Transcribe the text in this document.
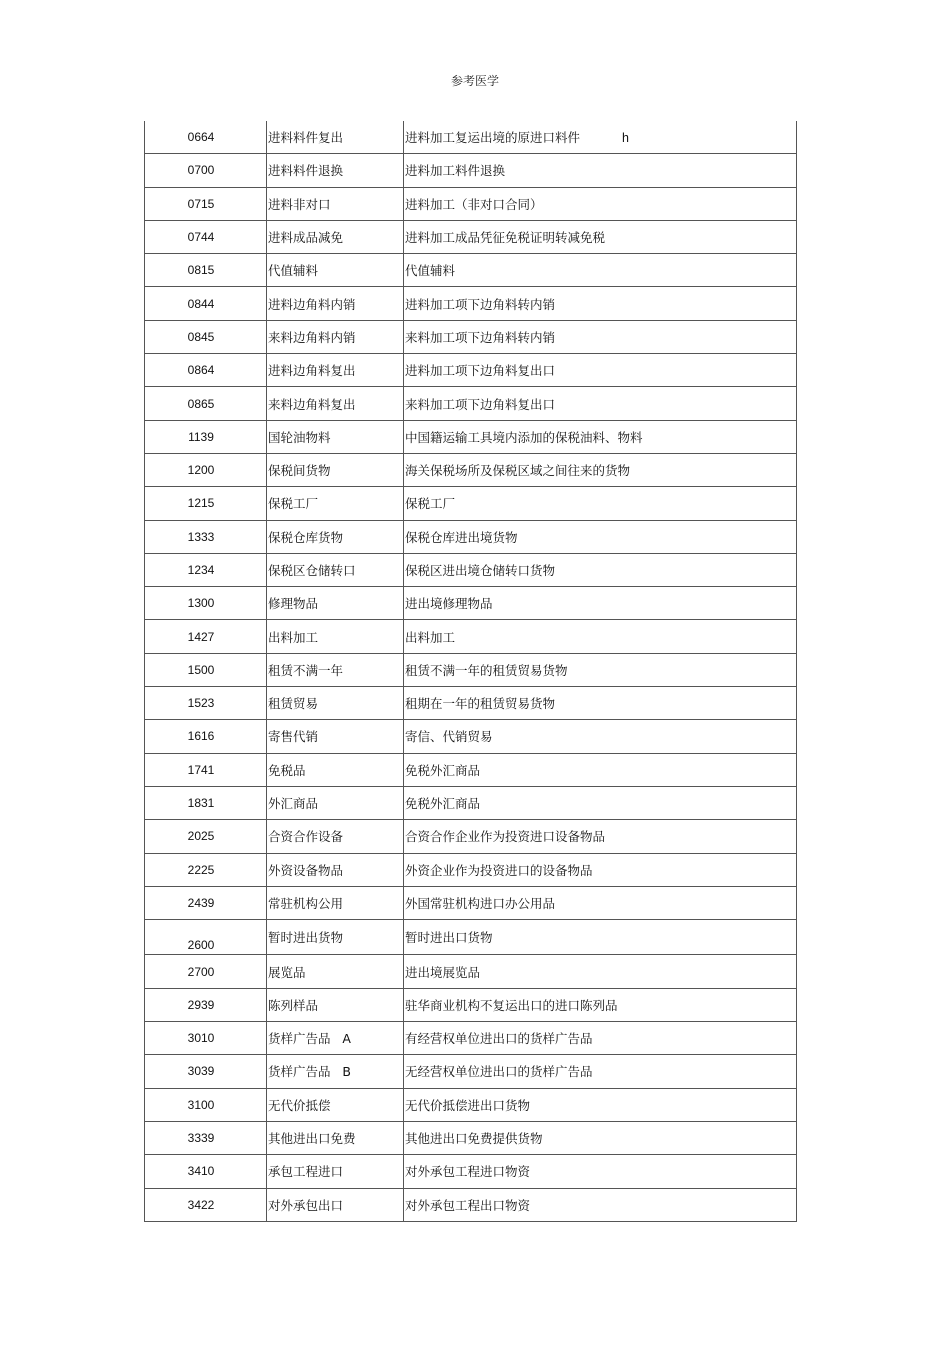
参考医学
0664	进料料件复出	进料加工复运出境的原进口料件 h
0700	进料料件退换	进料加工料件退换
0715	进料非对口	进料加工（非对口合同）
0744	进料成品减免	进料加工成品凭征免税证明转减免税
0815	代值辅料	代值辅料
0844	进料边角料内销	进料加工项下边角料转内销
0845	来料边角料内销	来料加工项下边角料转内销
0864	进料边角料复出	进料加工项下边角料复出口
0865	来料边角料复出	来料加工项下边角料复出口
1139	国轮油物料	中国籍运输工具境内添加的保税油料、物料
1200	保税间货物	海关保税场所及保税区域之间往来的货物
1215	保税工厂	保税工厂
1333	保税仓库货物	保税仓库进出境货物
1234	保税区仓储转口	保税区进出境仓储转口货物
1300	修理物品	进出境修理物品
1427	出料加工	出料加工
1500	租赁不满一年	租赁不满一年的租赁贸易货物
1523	租赁贸易	租期在一年的租赁贸易货物
1616	寄售代销	寄信、代销贸易
1741	免税品	免税外汇商品
1831	外汇商品	免税外汇商品
2025	合资合作设备	合资合作企业作为投资进口设备物品
2225	外资设备物品	外资企业作为投资进口的设备物品
2439	常驻机构公用	外国常驻机构进口办公用品
2600	暂时进出货物	暂时进出口货物
2700	展览品	进出境展览品
2939	陈列样品	驻华商业机构不复运出口的进口陈列品
3010	货样广告品   A	有经营权单位进出口的货样广告品
3039	货样广告品   B	无经营权单位进出口的货样广告品
3100	无代价抵偿	无代价抵偿进出口货物
3339	其他进出口免费	其他进出口免费提供货物
3410	承包工程进口	对外承包工程进口物资
3422	对外承包出口	对外承包工程出口物资
